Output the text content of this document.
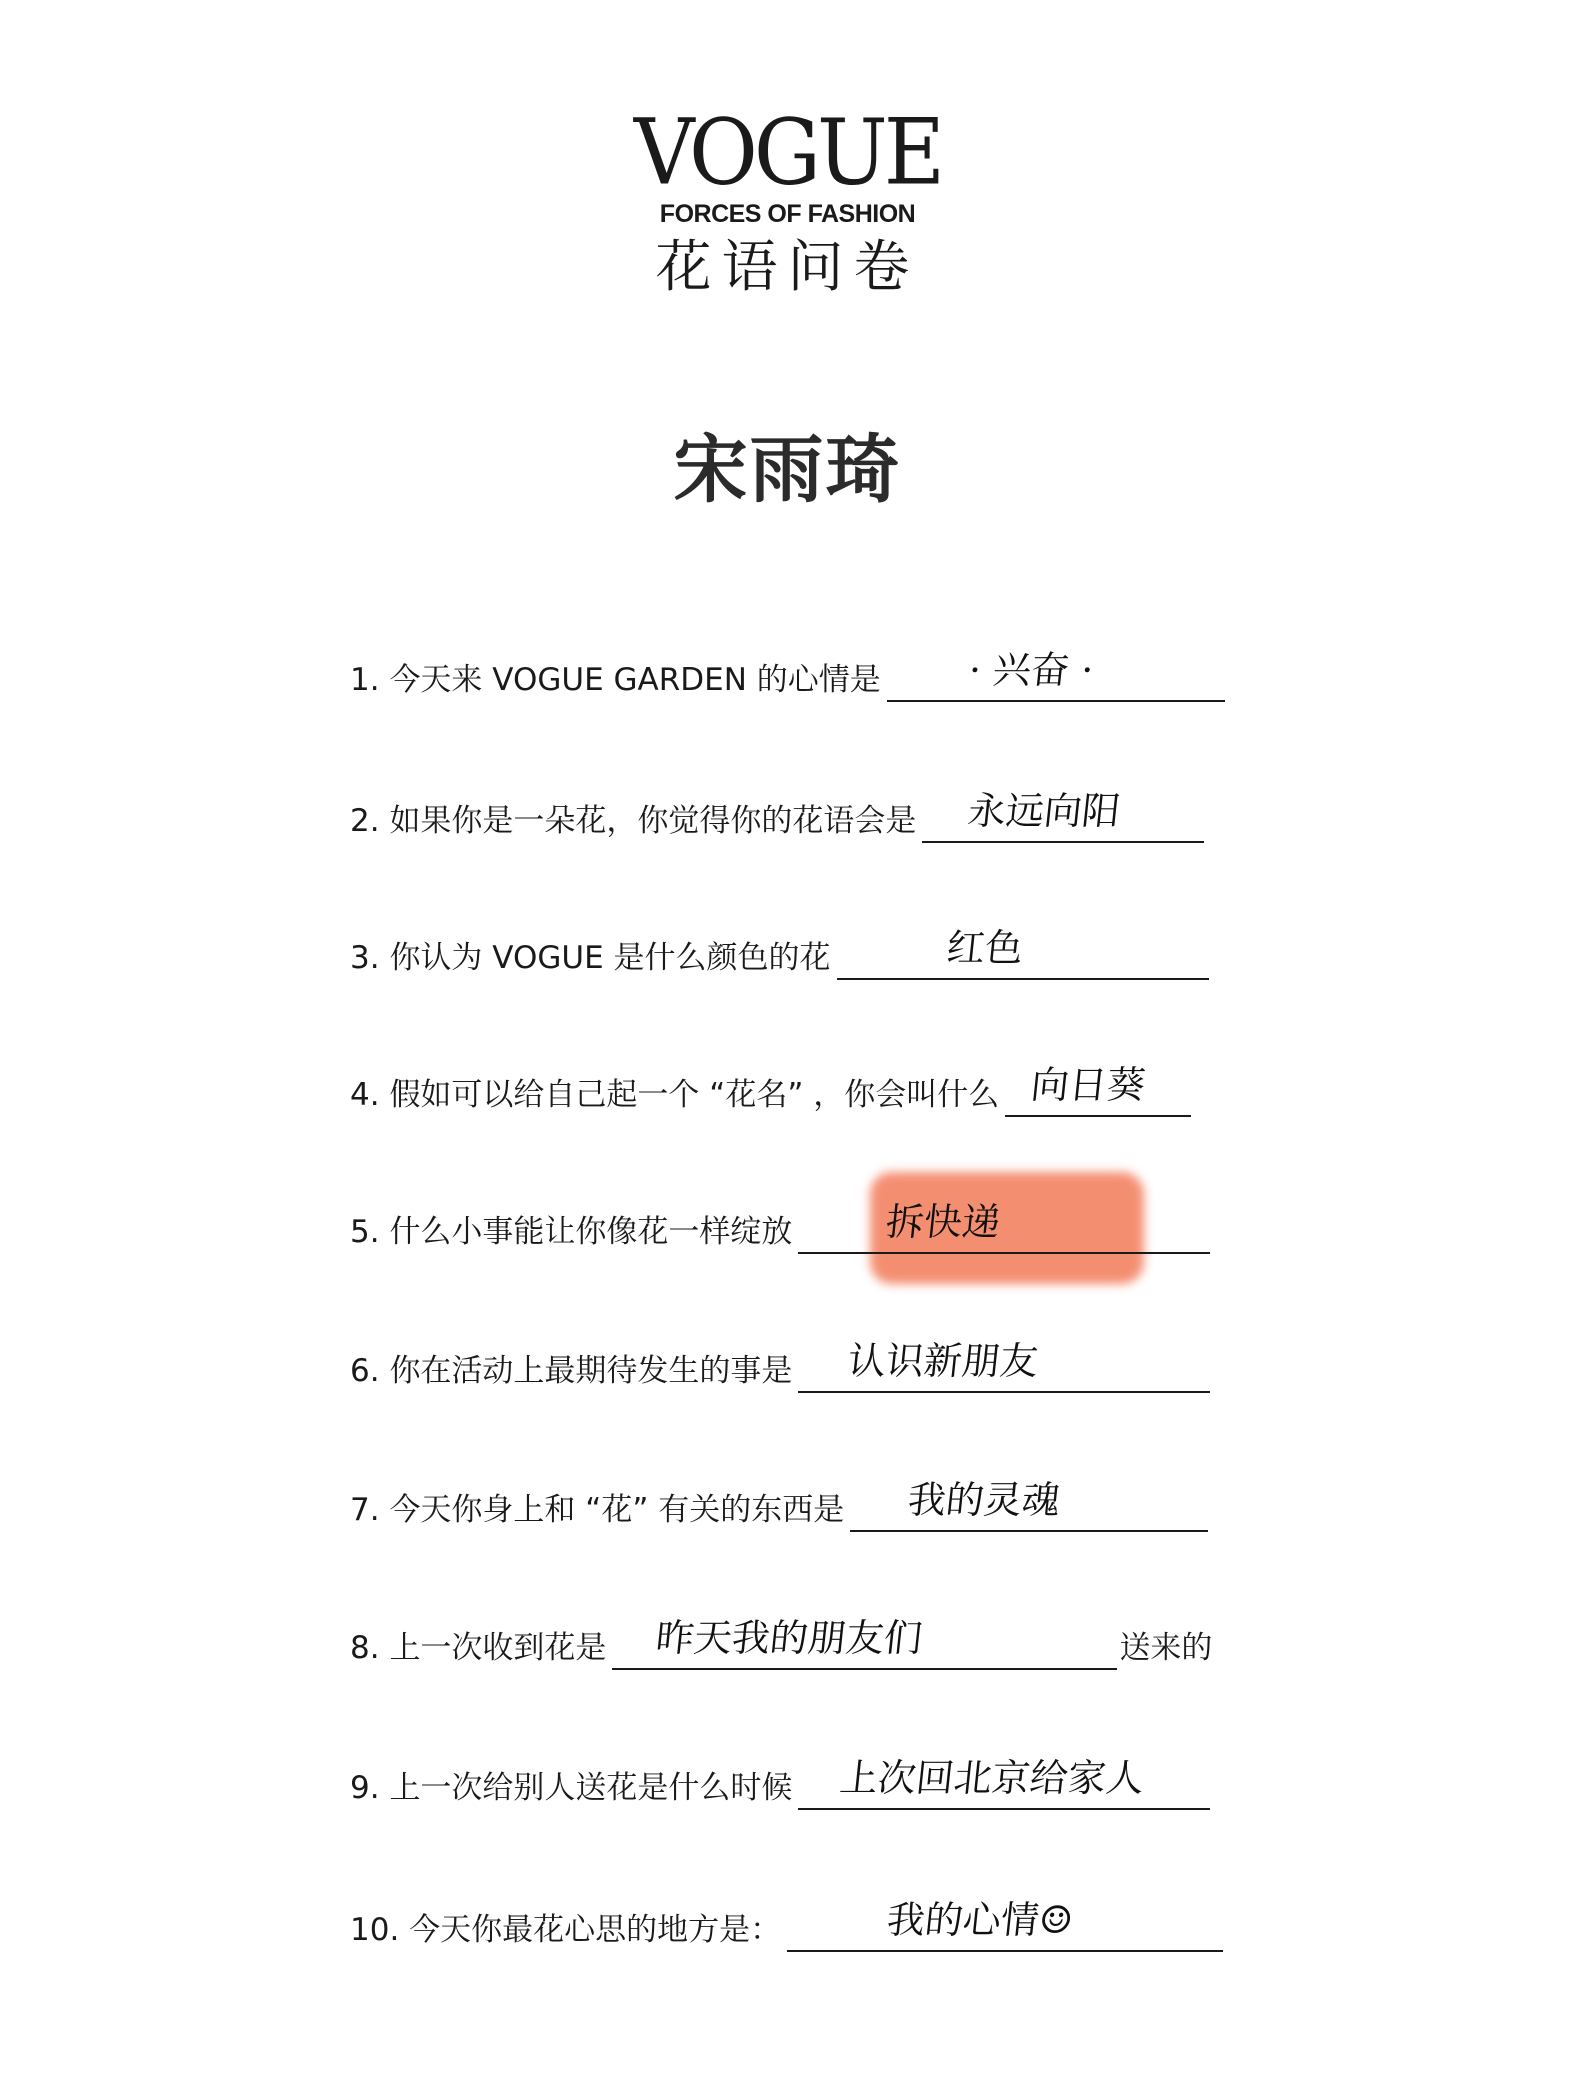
VOGUE
FORCES OF FASHION
花语问卷
宋雨琦
1. 今天来 VOGUE GARDEN 的心情是 · 兴奋 ·
2. 如果你是一朵花，你觉得你的花语会是 永远向阳
3. 你认为 VOGUE 是什么颜色的花	红色
4. 假如可以给自己起一个 “花名” ，你会叫什么 向日葵
5. 什么小事能让你像花一样绽放 拆快递
6. 你在活动上最期待发生的事是 认识新朋友
7. 今天你身上和 “花” 有关的东西是 我的灵魂
8. 上一次收到花是 昨天我的朋友们	送来的
9. 上一次给别人送花是什么时候 上次回北京给家人
10. 今天你最花心思的地方是：	我的心情☺
